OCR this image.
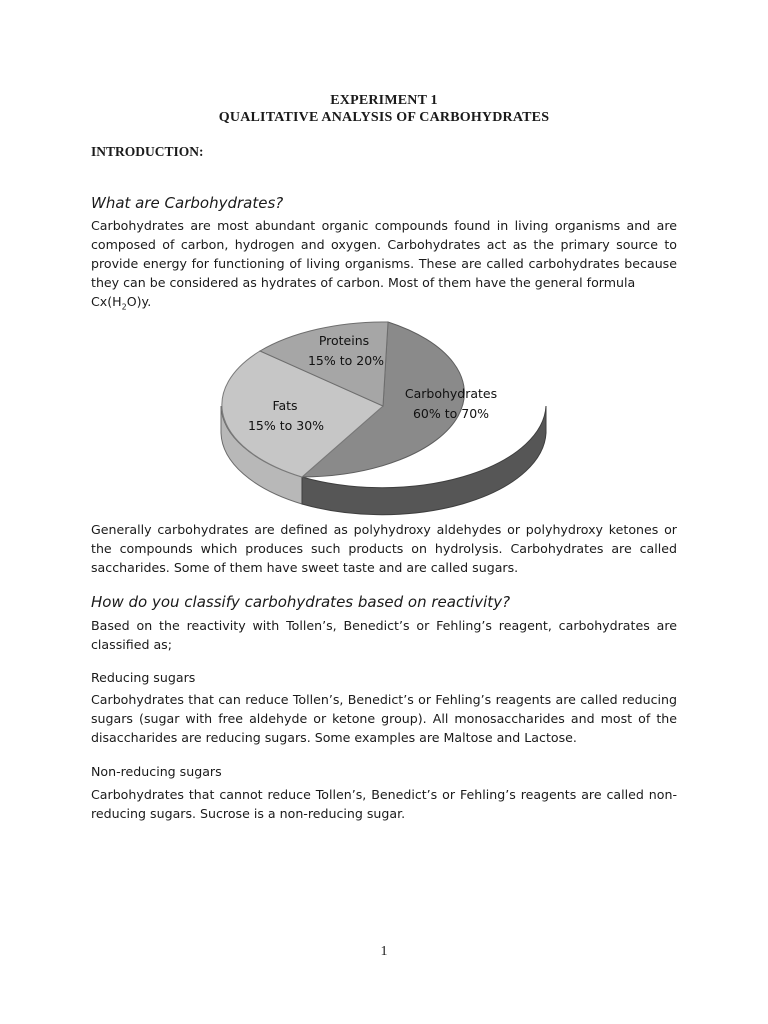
EXPERIMENT 1

QUALITATIVE ANALYSIS OF CARBOHYDRATES

INTRODUCTION:

What are Carbohydrates?

Carbohydrates are most abundant organic compounds found in living organisms and are composed of carbon, hydrogen and oxygen. Carbohydrates act as the primary source to provide energy for functioning of living organisms. These are called carbohydrates because they can be considered as hydrates of carbon. Most of them have the general formula
$Cx(H_2O)y$.

Proteins
15% to 20%
Carbohydrates
60% to 70%
Fats
15% to 30%

Generally carbohydrates are defined as polyhydroxy aldehydes or polyhydroxy ketones or the compounds which produces such products on hydrolysis. Carbohydrates are called saccharides. Some of them have sweet taste and are called sugars.

How do you classify carbohydrates based on reactivity?

Based on the reactivity with Tollen’s, Benedict’s or Fehling’s reagent, carbohydrates are classified as;

Reducing sugars

Carbohydrates that can reduce Tollen’s, Benedict’s or Fehling’s reagents are called reducing sugars (sugar with free aldehyde or ketone group). All monosaccharides and most of the disaccharides are reducing sugars. Some examples are Maltose and Lactose.

Non-reducing sugars

Carbohydrates that cannot reduce Tollen’s, Benedict’s or Fehling’s reagents are called non-reducing sugars. Sucrose is a non-reducing sugar.

1
